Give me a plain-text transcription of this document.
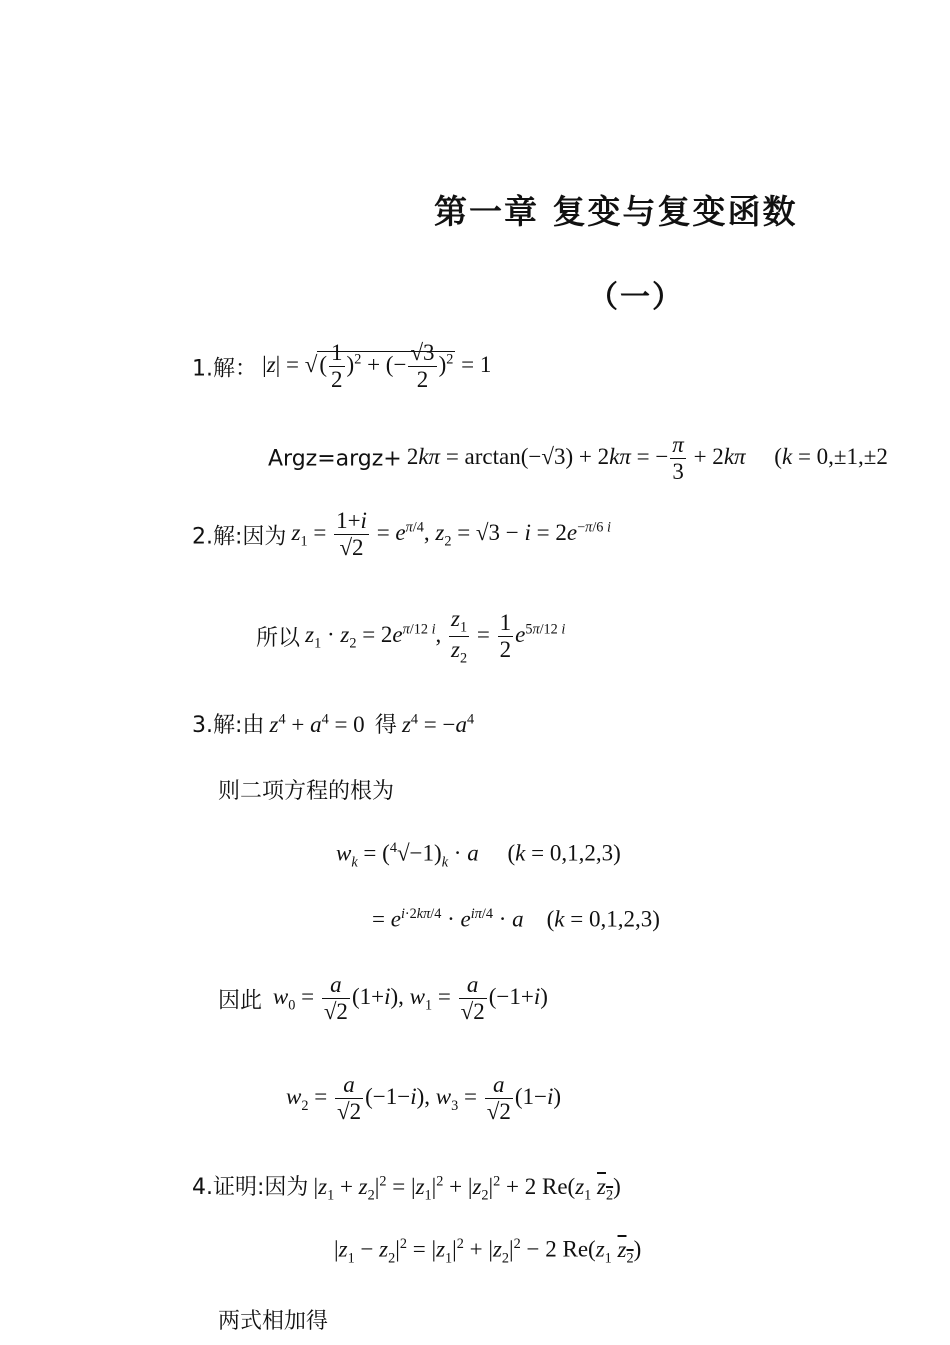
第一章 复变与复变函数
（一）
1.解： |z| = √( $\frac{1}{2} )^2$ + (− $\frac{√3}{2} )^2 = 1$
Argz=argz+ 2kπ = arctan(−√3) + 2kπ = − $\frac{\pi}{3} + 2k\pi$     (k = 0,±1,±2
2.解:因为 $z_1 = \frac{1+i}{√2} = e^{\pi/4}$, $z_2 = √3 - i = 2e^{-\pi/6 i}$
所以 $z_1 \cdot z_2 = 2e^{\pi/12 i}$, $\frac{z_1}{z_2} = \frac{1}{2} e^{5\pi/12 i}$
3.解:由 $z^4 + a^4 = 0$ 得 $z^4 = -a^4$
则二项方程的根为
$w_k = (^4√-1)_k \cdot a$     (k = 0,1,2,3)
= $e^{i\cdot 2k\pi/4} \cdot e^{i\pi/4} \cdot a$    (k = 0,1,2,3)
因此 $w_0 = \frac{a}{√2} (1+i)$, $w_1 = \frac{a}{√2} (-1+i)$
$w_2 = \frac{a}{√2} (-1-i)$, $w_3 = \frac{a}{√2} (1-i)$
4.证明:因为 $|z_1 + z_2|^2 = |z_1|^2 + |z_2|^2 + 2$ $Re(z_1$ $z_2$)
$|z_1 - z_2|^2 = |z_1|^2 + |z_2|^2 - 2$ $Re(z_1$ $z_2$)
两式相加得
